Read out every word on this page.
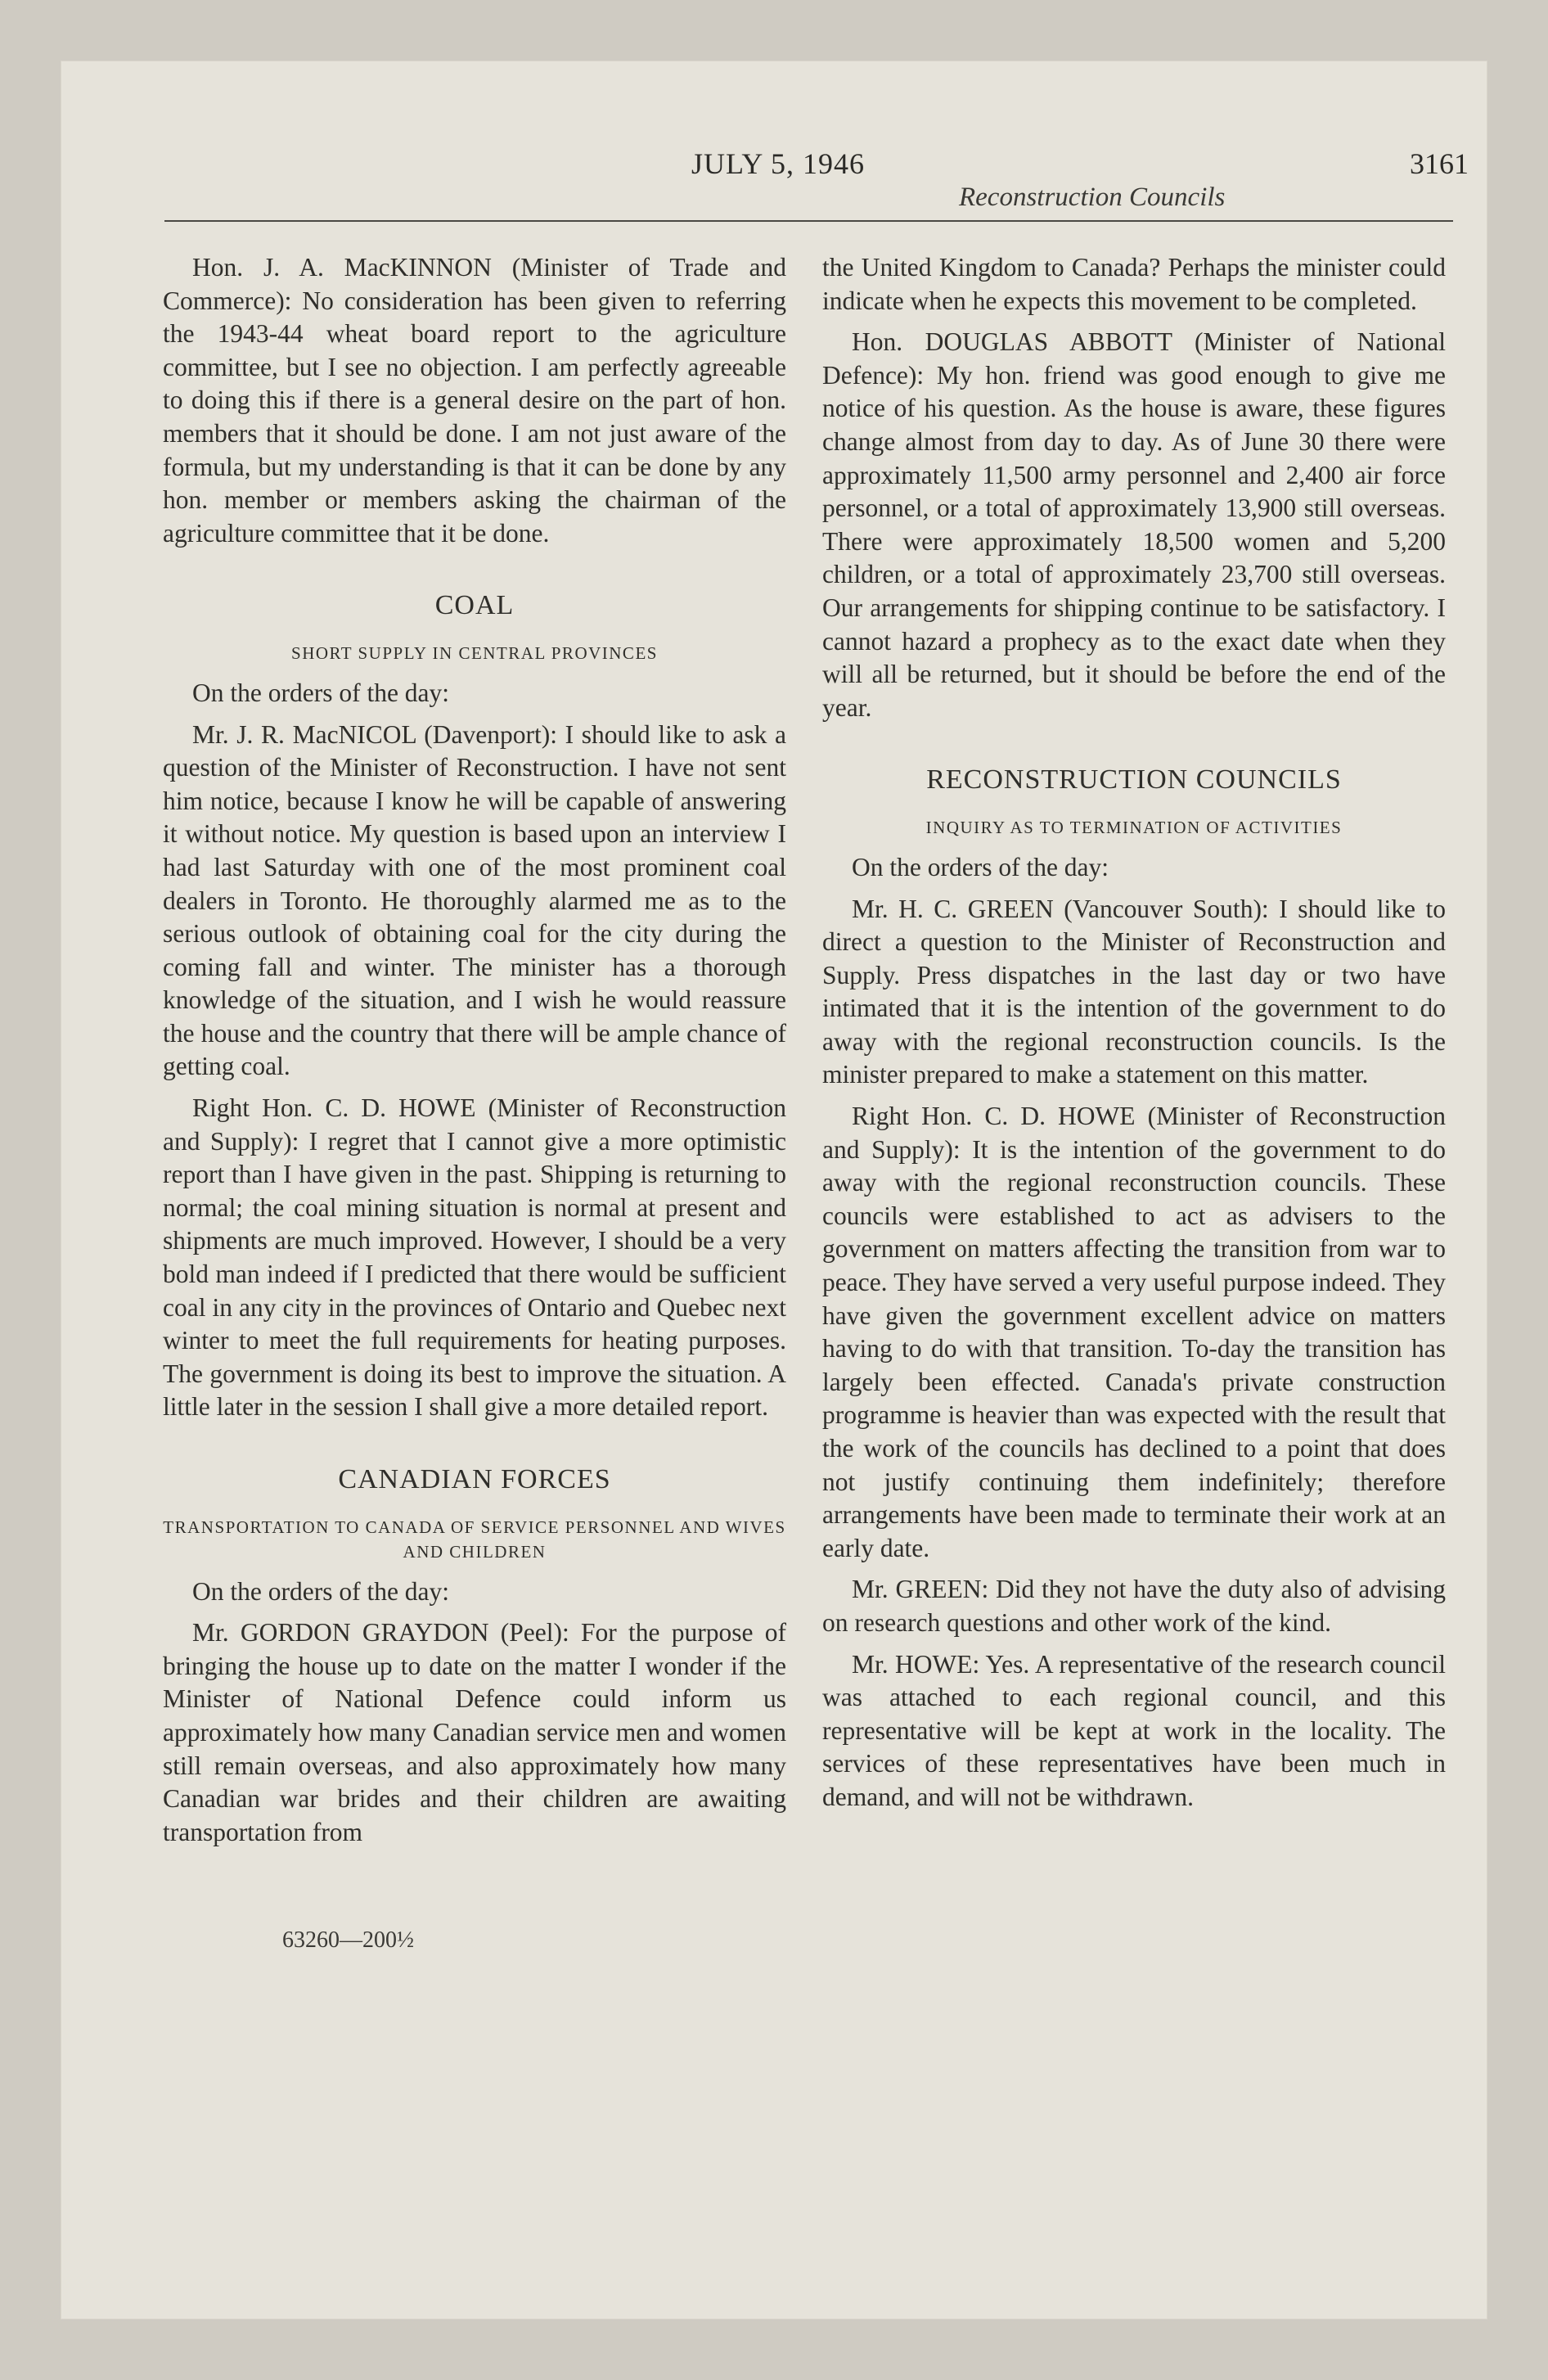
JULY 5, 1946	3161
Reconstruction Councils

Hon. J. A. MacKINNON (Minister of Trade and Commerce): No consideration has been given to referring the 1943-44 wheat board report to the agriculture committee, but I see no objection. I am perfectly agreeable to doing this if there is a general desire on the part of hon. members that it should be done. I am not just aware of the formula, but my understanding is that it can be done by any hon. member or members asking the chairman of the agriculture committee that it be done.

COAL
SHORT SUPPLY IN CENTRAL PROVINCES

On the orders of the day:

Mr. J. R. MacNICOL (Davenport): I should like to ask a question of the Minister of Reconstruction. I have not sent him notice, because I know he will be capable of answering it without notice. My question is based upon an interview I had last Saturday with one of the most prominent coal dealers in Toronto. He thoroughly alarmed me as to the serious outlook of obtaining coal for the city during the coming fall and winter. The minister has a thorough knowledge of the situation, and I wish he would reassure the house and the country that there will be ample chance of getting coal.

Right Hon. C. D. HOWE (Minister of Reconstruction and Supply): I regret that I cannot give a more optimistic report than I have given in the past. Shipping is returning to normal; the coal mining situation is normal at present and shipments are much improved. However, I should be a very bold man indeed if I predicted that there would be sufficient coal in any city in the provinces of Ontario and Quebec next winter to meet the full requirements for heating purposes. The government is doing its best to improve the situation. A little later in the session I shall give a more detailed report.

CANADIAN FORCES
TRANSPORTATION TO CANADA OF SERVICE PERSONNEL AND WIVES AND CHILDREN

On the orders of the day:

Mr. GORDON GRAYDON (Peel): For the purpose of bringing the house up to date on the matter I wonder if the Minister of National Defence could inform us approximately how many Canadian service men and women still remain overseas, and also approximately how many Canadian war brides and their children are awaiting transportation from

the United Kingdom to Canada? Perhaps the minister could indicate when he expects this movement to be completed.

Hon. DOUGLAS ABBOTT (Minister of National Defence): My hon. friend was good enough to give me notice of his question. As the house is aware, these figures change almost from day to day. As of June 30 there were approximately 11,500 army personnel and 2,400 air force personnel, or a total of approximately 13,900 still overseas. There were approximately 18,500 women and 5,200 children, or a total of approximately 23,700 still overseas. Our arrangements for shipping continue to be satisfactory. I cannot hazard a prophecy as to the exact date when they will all be returned, but it should be before the end of the year.

RECONSTRUCTION COUNCILS
INQUIRY AS TO TERMINATION OF ACTIVITIES

On the orders of the day:

Mr. H. C. GREEN (Vancouver South): I should like to direct a question to the Minister of Reconstruction and Supply. Press dispatches in the last day or two have intimated that it is the intention of the government to do away with the regional reconstruction councils. Is the minister prepared to make a statement on this matter.

Right Hon. C. D. HOWE (Minister of Reconstruction and Supply): It is the intention of the government to do away with the regional reconstruction councils. These councils were established to act as advisers to the government on matters affecting the transition from war to peace. They have served a very useful purpose indeed. They have given the government excellent advice on matters having to do with that transition. To-day the transition has largely been effected. Canada's private construction programme is heavier than was expected with the result that the work of the councils has declined to a point that does not justify continuing them indefinitely; therefore arrangements have been made to terminate their work at an early date.

Mr. GREEN: Did they not have the duty also of advising on research questions and other work of the kind.

Mr. HOWE: Yes. A representative of the research council was attached to each regional council, and this representative will be kept at work in the locality. The services of these representatives have been much in demand, and will not be withdrawn.

63260—200½
